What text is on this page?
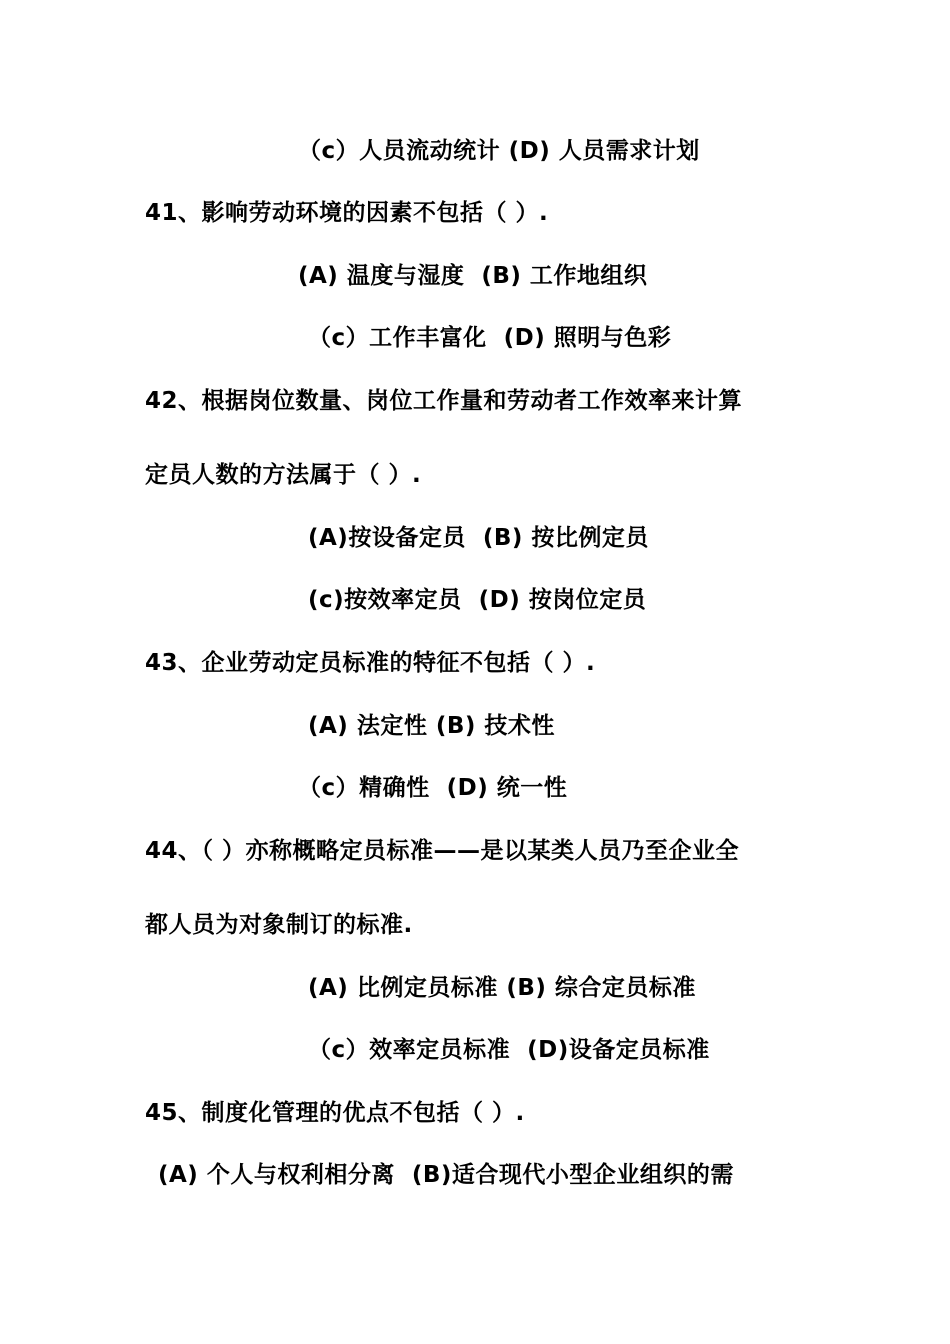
（c）人员流动统计 (D) 人员需求计划
41、影响劳动环境的因素不包括（ ）.
(A) 温度与湿度  (B) 工作地组织
（c）工作丰富化  (D) 照明与色彩
42、根据岗位数量、岗位工作量和劳动者工作效率来计算
定员人数的方法属于（ ）.
(A)按设备定员  (B) 按比例定员
(c)按效率定员  (D) 按岗位定员
43、企业劳动定员标准的特征不包括（ ）.
(A) 法定性 (B) 技术性
（c）精确性  (D) 统一性
44、（ ）亦称概略定员标准——是以某类人员乃至企业全
都人员为对象制订的标准.
(A) 比例定员标准 (B) 综合定员标准
（c）效率定员标准  (D)设备定员标准
45、制度化管理的优点不包括（ ）.
(A) 个人与权利相分离  (B)适合现代小型企业组织的需
